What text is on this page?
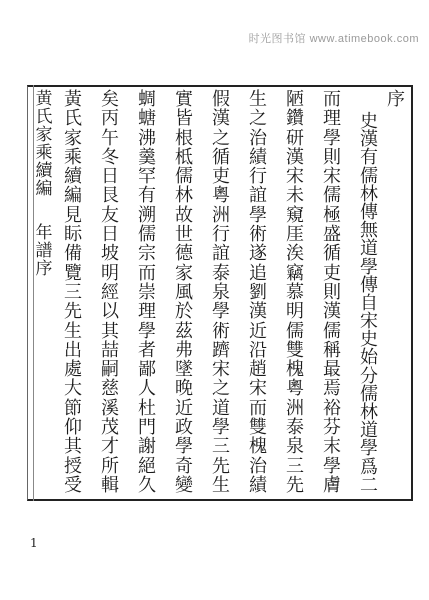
时光图书馆 www.atimebook.com
序
史
漢
有
儒
林
傳
無
道
學
傳
自
宋
史
始
分
儒
林
道
學
爲
二
而
理
學
則
宋
儒
極
盛
循
吏
則
漢
儒
稱
最
焉
裕
芬
末
學
膚
陋
鑽
研
漢
宋
未
窺
厓
涘
竊
慕
明
儒
雙
槐
粵
洲
泰
泉
三
先
生
之
治
績
行
誼
學
術
遂
追
劉
漢
近
沿
趙
宋
而
雙
槐
治
績
假
漢
之
循
吏
粵
洲
行
誼
泰
泉
學
術
躋
宋
之
道
學
三
先
生
實
皆
根
柢
儒
林
故
世
德
家
風
於
茲
弗
墜
晚
近
政
學
奇
變
蜩
螗
沸
羹
罕
有
溯
儒
宗
而
崇
理
學
者
鄙
人
杜
門
謝
絕
久
矣
丙
午
冬
日
艮
友
日
坡
明
經
以
其
喆
嗣
慈
溪
茂
才
所
輯
黃
氏
家
乘
續
編
見
眎
備
覽
三
先
生
出
處
大
節
仰
其
授
受
黄
氏
家
乘
續
編
年
譜
序
1
